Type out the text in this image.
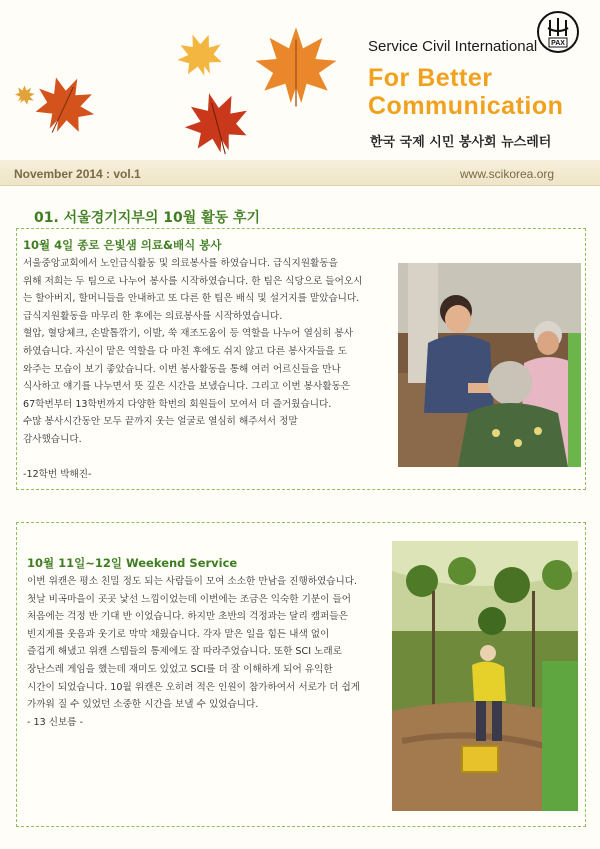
Service Civil International PAX
For Better
Communication
한국 국제 시민 봉사회 뉴스레터
November 2014 : vol.1	www.scikorea.org
01. 서울경기지부의 10월 활동 후기
10월 4일 종로 은빛샘 의료&배식 봉사

서울중앙교회에서 노인급식활동 및 의료봉사를 하였습니다. 급식지원활동을

위해 저희는 두 팀으로 나누어 봉사를 시작하였습니다. 한 팀은 식당으로 들어오시

는 할아버지, 할머니들을 안내하고 또 다른 한 팀은 배식 및 설거지를 맡았습니다.

급식지원활동을 마무리 한 후에는 의료봉사를 시작하였습니다.

혈압, 혈당체크, 손발톱깎기, 이발, 쑥 재조도움이 등 역할을 나누어 열심히 봉사

하였습니다. 자신이 맡은 역할을 다 마친 후에도 쉬지 않고 다른 봉사자들을 도

와주는 모습이 보기 좋았습니다. 이번 봉사활동을 통해 여러 어르신들을 만나

식사하고 얘기를 나누면서 뜻 깊은 시간을 보냈습니다. 그리고 이번 봉사활동은

67학번부터 13학번까지 다양한 학번의 회원들이 모여서 더 즐거웠습니다.

수많 봉사시간동안 모두 끝까지 웃는 얼굴로 열심히 해주셔서 정말

감사했습니다.

-12학번 박해진-

10월 11일~12일 Weekend Service

이번 위캔은 평소 친밀 정도 되는 사람들이 모여 소소한 만남을 진행하였습니다.

첫날 비곡마을이 곳곳 낯선 느낌이었는데 이번에는 조금은 익숙한 기분이 들어

처음에는 걱정 반 기대 반 이었습니다. 하지만 초반의 걱정과는 달리 캠퍼들은

빈지게를 웃음과 웃기로 막막 채웠습니다. 각자 맡은 일을 힘든 내색 없이

즐겁게 해냈고 위캔 스텝들의 통제에도 잘 따라주었습니다. 또한 SCI 노래로

장난스레 게임을 했는데 재미도 있었고 SCI를 더 잘 이해하게 되어 유익한

시간이 되었습니다. 10월 위캔은 오히려 적은 인원이 참가하여서 서로가 더 쉽게

가까워 질 수 있었던 소중한 시간을 보낼 수 있었습니다.

- 13 신보름 -
